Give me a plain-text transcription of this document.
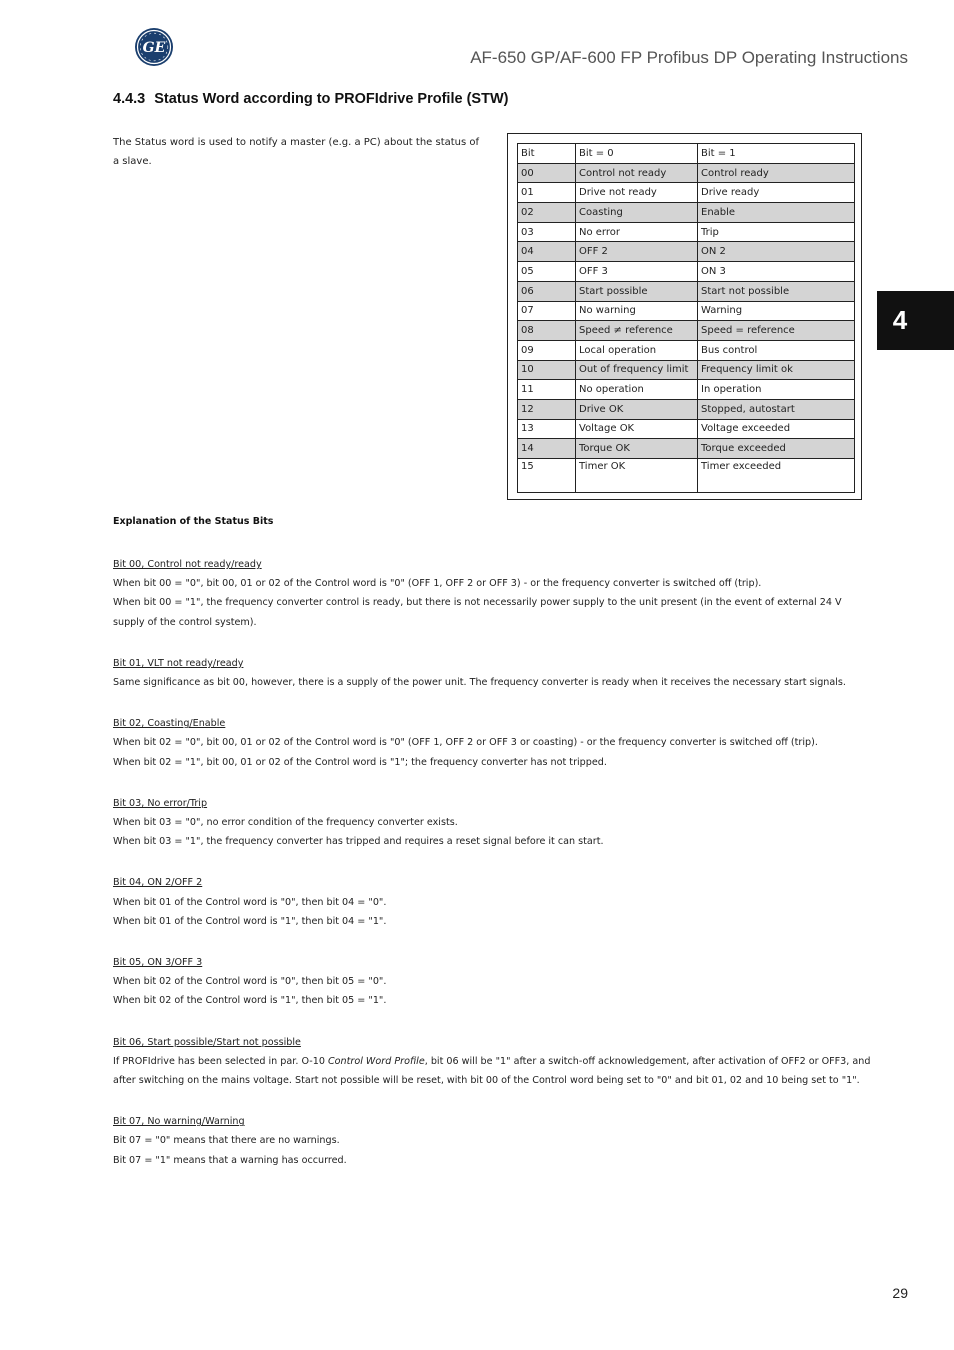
GE	AF-650 GP/AF-600 FP Profibus DP Operating Instructions
4.4.3 Status Word according to PROFIdrive Profile (STW)
The Status word is used to notify a master (e.g. a PC) about the status of a slave.
Bit	Bit = 0	Bit = 1
00	Control not ready	Control ready
01	Drive not ready	Drive ready
02	Coasting	Enable
03	No error	Trip
04	OFF 2	ON 2
05	OFF 3	ON 3
06	Start possible	Start not possible
07	No warning	Warning
08	Speed ≠ reference	Speed = reference
09	Local operation	Bus control
10	Out of frequency limit	Frequency limit ok
11	No operation	In operation
12	Drive OK	Stopped, autostart
13	Voltage OK	Voltage exceeded
14	Torque OK	Torque exceeded
15	Timer OK	Timer exceeded
4
Explanation of the Status Bits
Bit 00, Control not ready/ready

When bit 00 = "0", bit 00, 01 or 02 of the Control word is "0" (OFF 1, OFF 2 or OFF 3) - or the frequency converter is switched off (trip).

When bit 00 = "1", the frequency converter control is ready, but there is not necessarily power supply to the unit present (in the event of external 24 V supply of the control system).

Bit 01, VLT not ready/ready

Same significance as bit 00, however, there is a supply of the power unit. The frequency converter is ready when it receives the necessary start signals.

Bit 02, Coasting/Enable

When bit 02 = "0", bit 00, 01 or 02 of the Control word is "0" (OFF 1, OFF 2 or OFF 3 or coasting) - or the frequency converter is switched off (trip).

When bit 02 = "1", bit 00, 01 or 02 of the Control word is "1"; the frequency converter has not tripped.

Bit 03, No error/Trip

When bit 03 = "0", no error condition of the frequency converter exists.

When bit 03 = "1", the frequency converter has tripped and requires a reset signal before it can start.

Bit 04, ON 2/OFF 2

When bit 01 of the Control word is "0", then bit 04 = "0".

When bit 01 of the Control word is "1", then bit 04 = "1".

Bit 05, ON 3/OFF 3

When bit 02 of the Control word is "0", then bit 05 = "0".

When bit 02 of the Control word is "1", then bit 05 = "1".

Bit 06, Start possible/Start not possible

If PROFIdrive has been selected in par. O-10 Control Word Profile, bit 06 will be "1" after a switch-off acknowledgement, after activation of OFF2 or OFF3, and after switching on the mains voltage. Start not possible will be reset, with bit 00 of the Control word being set to "0" and bit 01, 02 and 10 being set to "1".

Bit 07, No warning/Warning

Bit 07 = "0" means that there are no warnings.

Bit 07 = "1" means that a warning has occurred.

29
